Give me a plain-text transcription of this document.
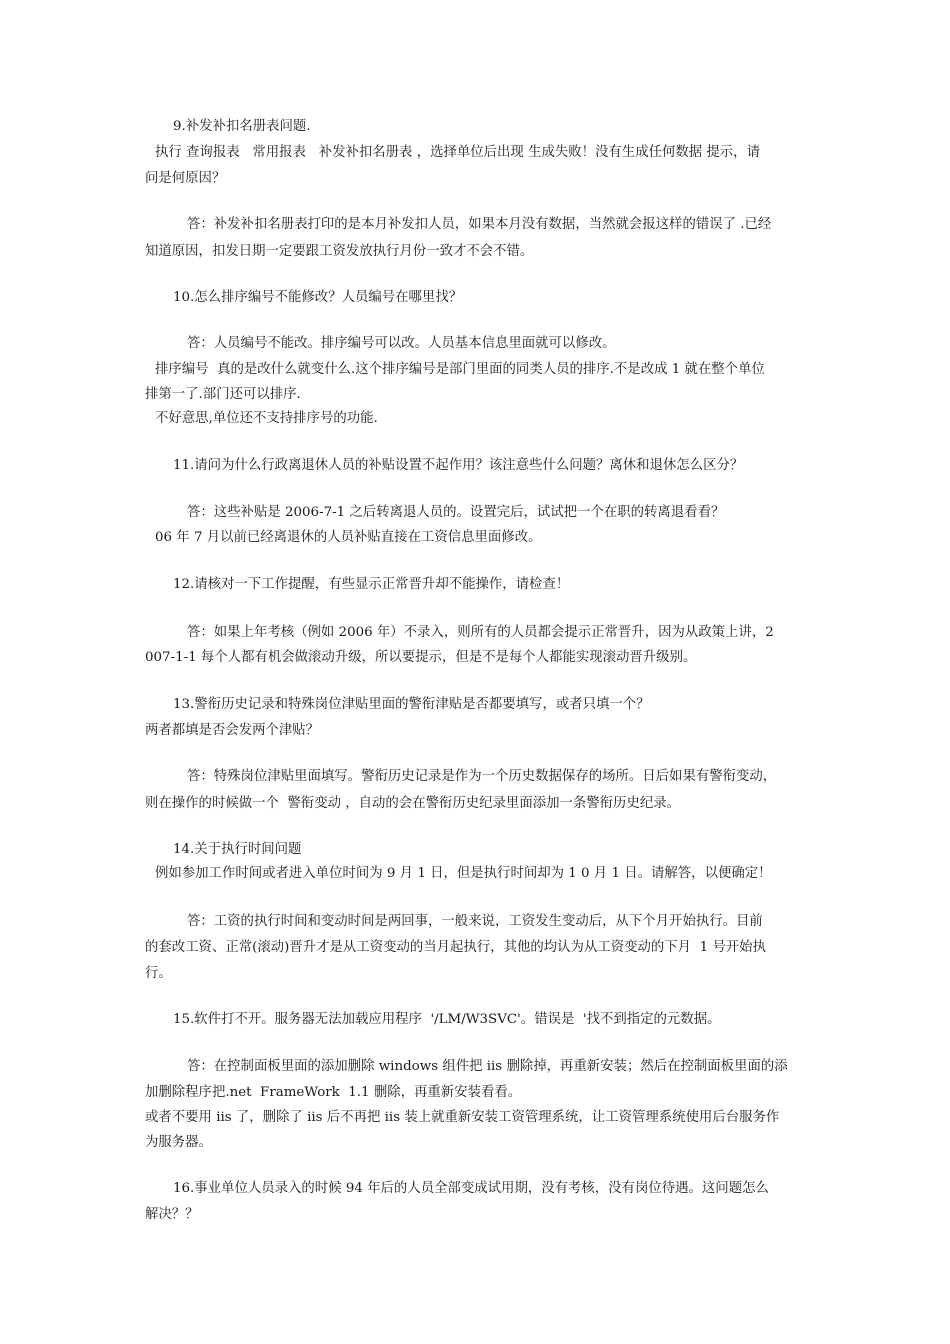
9.补发补扣名册表问题.
执行 查询报表   常用报表   补发补扣名册表 ，选择单位后出现 生成失败！没有生成任何数据 提示，请
问是何原因？
答：补发补扣名册表打印的是本月补发扣人员，如果本月没有数据，当然就会报这样的错误了 .已经
知道原因，扣发日期一定要跟工资发放执行月份一致才不会不错。
10.怎么排序编号不能修改？人员编号在哪里找？
答：人员编号不能改。排序编号可以改。人员基本信息里面就可以修改。
排序编号  真的是改什么就变什么.这个排序编号是部门里面的同类人员的排序.不是改成 1 就在整个单位
排第一了.部门还可以排序.
不好意思,单位还不支持排序号的功能.
11.请问为什么行政离退休人员的补贴设置不起作用？该注意些什么问题？离休和退休怎么区分？
答：这些补贴是 2006-7-1 之后转离退人员的。设置完后，试试把一个在职的转离退看看？
06 年 7 月以前已经离退休的人员补贴直接在工资信息里面修改。
12.请核对一下工作提醒，有些显示正常晋升却不能操作，请检查！
答：如果上年考核（例如 2006 年）不录入，则所有的人员都会提示正常晋升，因为从政策上讲，2
007-1-1 每个人都有机会做滚动升级，所以要提示，但是不是每个人都能实现滚动晋升级别。
13.警衔历史记录和特殊岗位津贴里面的警衔津贴是否都要填写，或者只填一个？
两者都填是否会发两个津贴？
答：特殊岗位津贴里面填写。警衔历史记录是作为一个历史数据保存的场所。日后如果有警衔变动，
则在操作的时候做一个  警衔变动 ，自动的会在警衔历史纪录里面添加一条警衔历史纪录。
14.关于执行时间问题
例如参加工作时间或者进入单位时间为 9 月 1 日，但是执行时间却为 1 0 月 1 日。请解答，以便确定！
答：工资的执行时间和变动时间是两回事，一般来说，工资发生变动后，从下个月开始执行。目前
的套改工资、正常(滚动)晋升才是从工资变动的当月起执行，其他的均认为从工资变动的下月  1 号开始执
行。
15.软件打不开。服务器无法加载应用程序  '/LM/W3SVC'。错误是  '找不到指定的元数据。
答：在控制面板里面的添加删除 windows 组件把 iis 删除掉，再重新安装；然后在控制面板里面的添
加删除程序把.net  FrameWork  1.1 删除，再重新安装看看。
或者不要用 iis 了，删除了 iis 后不再把 iis 装上就重新安装工资管理系统，让工资管理系统使用后台服务作
为服务器。
16.事业单位人员录入的时候 94 年后的人员全部变成试用期，没有考核，没有岗位待遇。这问题怎么
解决？？
